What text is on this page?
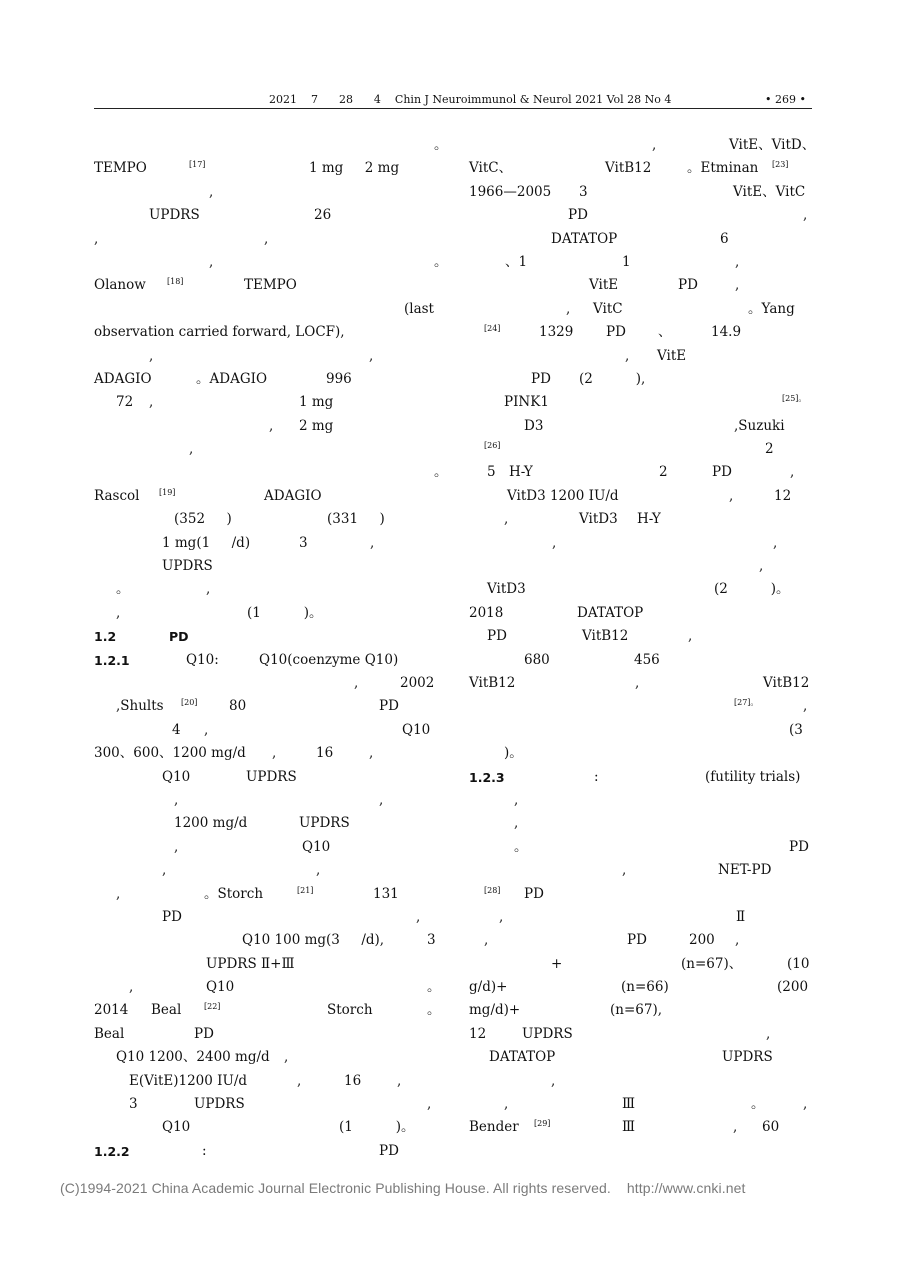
2021    7      28      4    Chin J Neuroimmunol & Neurol 2021 Vol 28 No 4	• 269 •
。
TEMPO	[17]	1 mg     2 mg
,
UPDRS	26
,	,
,	。
Olanow	[18]	TEMPO
(last
observation carried forward, LOCF),
,	,
ADAGIO	。ADAGIO	996
72 ,	1 mg
, 2 mg
,
。
Rascol [19]	ADAGIO
(352     )	(331     )
1 mg(1     /d)	3	,
UPDRS
。	,
,	(1          )。
1.2	PD
1.2.1	Q10:	Q10(coenzyme Q10)
,	2002
,Shults [20] 80	PD
4 ,	Q10
300、600、1200 mg/d ,	16	,
Q10	UPDRS
,	,
1200 mg/d	UPDRS
,	Q10
,	,
,	。Storch	[21]	131
PD	,
Q10 100 mg(3     /d),	3
UPDRS Ⅱ+Ⅲ
,	Q10	。
2014 Beal	[22]	Storch	。
Beal	PD
Q10 1200、2400 mg/d ,
E(VitE)1200 IU/d	,	16	,
3	UPDRS	,
Q10	(1          )。
1.2.2	:	PD
,	VitE、VitD、
VitC、	VitB12	。Etminan [23]
1966—2005 3	VitE、VitC
PD	,
DATATOP	6
、1	1	,
VitE	PD	,
, VitC	。Yang
[24]	1329 PD 、	14.9
, VitE
PD (2          ),
PINK1	[25]。
D3	,Suzuki
[26]	2
5 H-Y	2	PD	,
VitD3 1200 IU/d	,	12
,	VitD3 H-Y
,	,
,
VitD3	(2          )。
2018	DATATOP
PD	VitB12	,
680	456
VitB12	,	VitB12
[27]。	,
(3
)。
1.2.3	:	(futility trials)
,
,
。	PD
,	NET-PD
[28] PD
,	Ⅱ
,	PD	200 ,
+	(n=67)、	(10
g/d)+	(n=66)	(200
mg/d)+	(n=67),
12	UPDRS	,
DATATOP	UPDRS
,
,	Ⅲ	。	,
Bender [29]	Ⅲ	, 60
(C)1994-2021 China Academic Journal Electronic Publishing House. All rights reserved.    http://www.cnki.net
